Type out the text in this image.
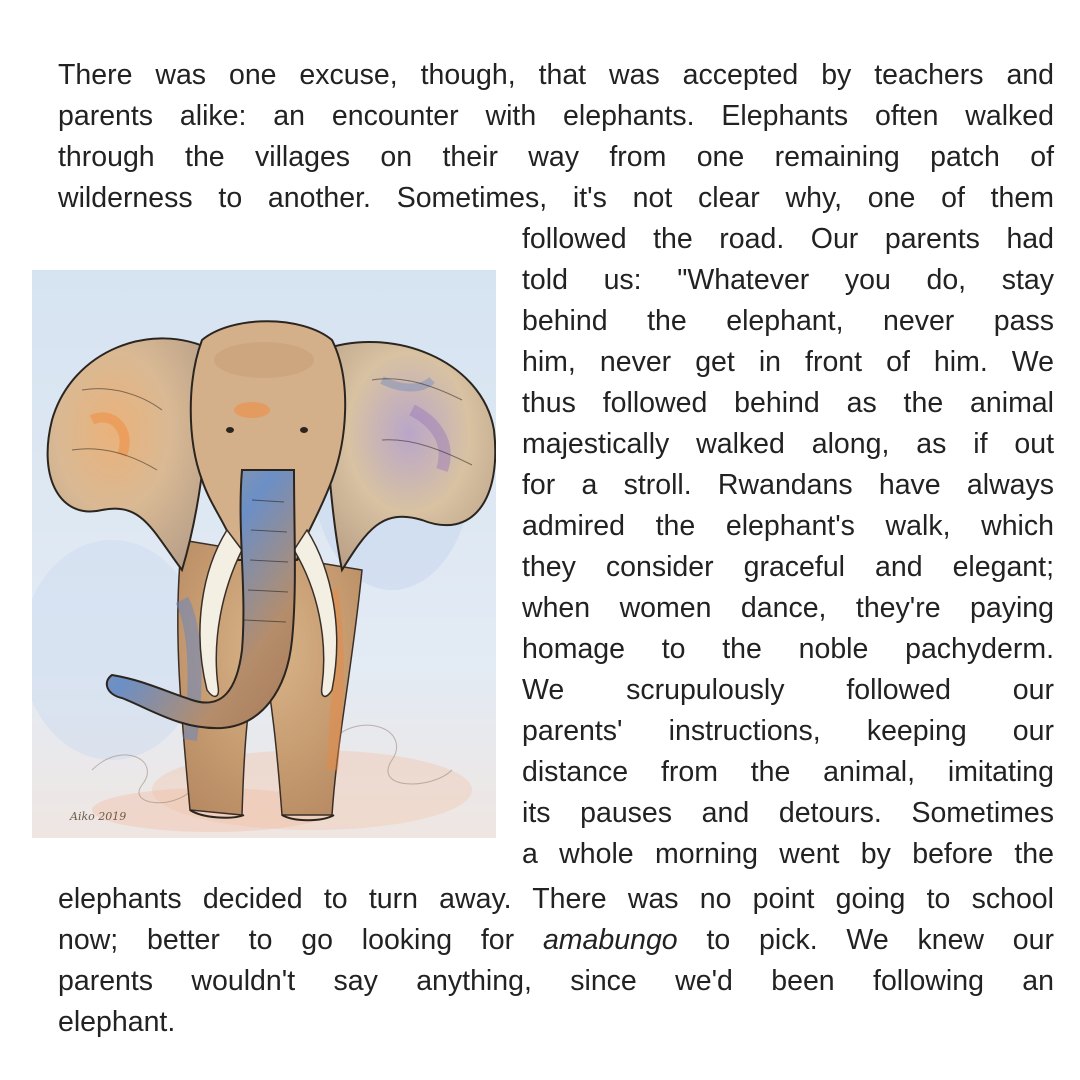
There was one excuse, though, that was accepted by teachers and
parents alike: an encounter with elephants. Elephants often walked
through the villages on their way from one remaining patch of
wilderness to another. Sometimes, it's not clear why, one of them
Aiko 2019
followed the road. Our parents had
told us: "Whatever you do, stay
behind the elephant, never pass
him, never get in front of him. We
thus followed behind as the animal
majestically walked along, as if out
for a stroll. Rwandans have always
admired the elephant's walk, which
they consider graceful and elegant;
when women dance, they're paying
homage to the noble pachyderm.
We scrupulously followed our
parents' instructions, keeping our
distance from the animal, imitating
its pauses and detours. Sometimes
a whole morning went by before the
elephants decided to turn away. There was no point going to school
now; better to go looking for amabungo to pick. We knew our
parents wouldn't say anything, since we'd been following an
elephant.
